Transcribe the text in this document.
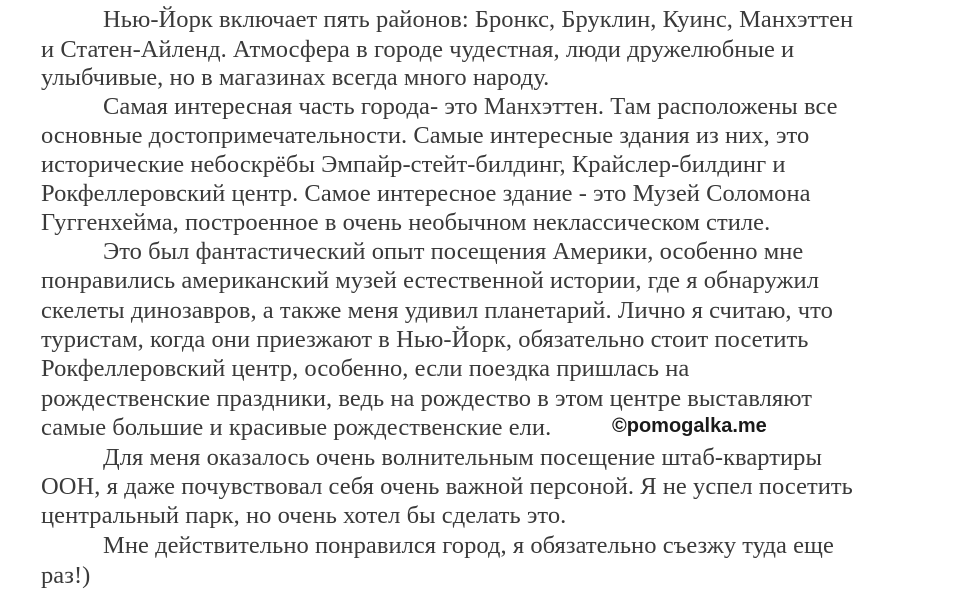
Нью-Йорк включает пять районов: Бронкс, Бруклин, Куинс, Манхэттен
и Статен-Айленд. Атмосфера в городе чудестная, люди дружелюбные и
улыбчивые, но в магазинах всегда много народу.
Самая интересная часть города- это Манхэттен. Там расположены все
основные достопримечательности. Самые интересные здания из них, это
исторические небоскрёбы Эмпайр-стейт-билдинг, Крайслер-билдинг и
Рокфеллеровский центр. Самое интересное здание - это Музей Соломона
Гуггенхейма, построенное в очень необычном неклассическом стиле.
Это был фантастический опыт посещения Америки, особенно мне
понравились американский музей естественной истории, где я обнаружил
скелеты динозавров, а также меня удивил планетарий. Лично я считаю, что
туристам, когда они приезжают в Нью-Йорк, обязательно стоит посетить
Рокфеллеровский центр, особенно, если поездка пришлась на
рождественские праздники, ведь на рождество в этом центре выставляют
самые большие и красивые рождественские ели.
Для меня оказалось очень волнительным посещение штаб-квартиры
ООН, я даже почувствовал себя очень важной персоной. Я не успел посетить
центральный парк, но очень хотел бы сделать это.
Мне действительно понравился город, я обязательно съезжу туда еще
раз!)
©pomogalka.me
